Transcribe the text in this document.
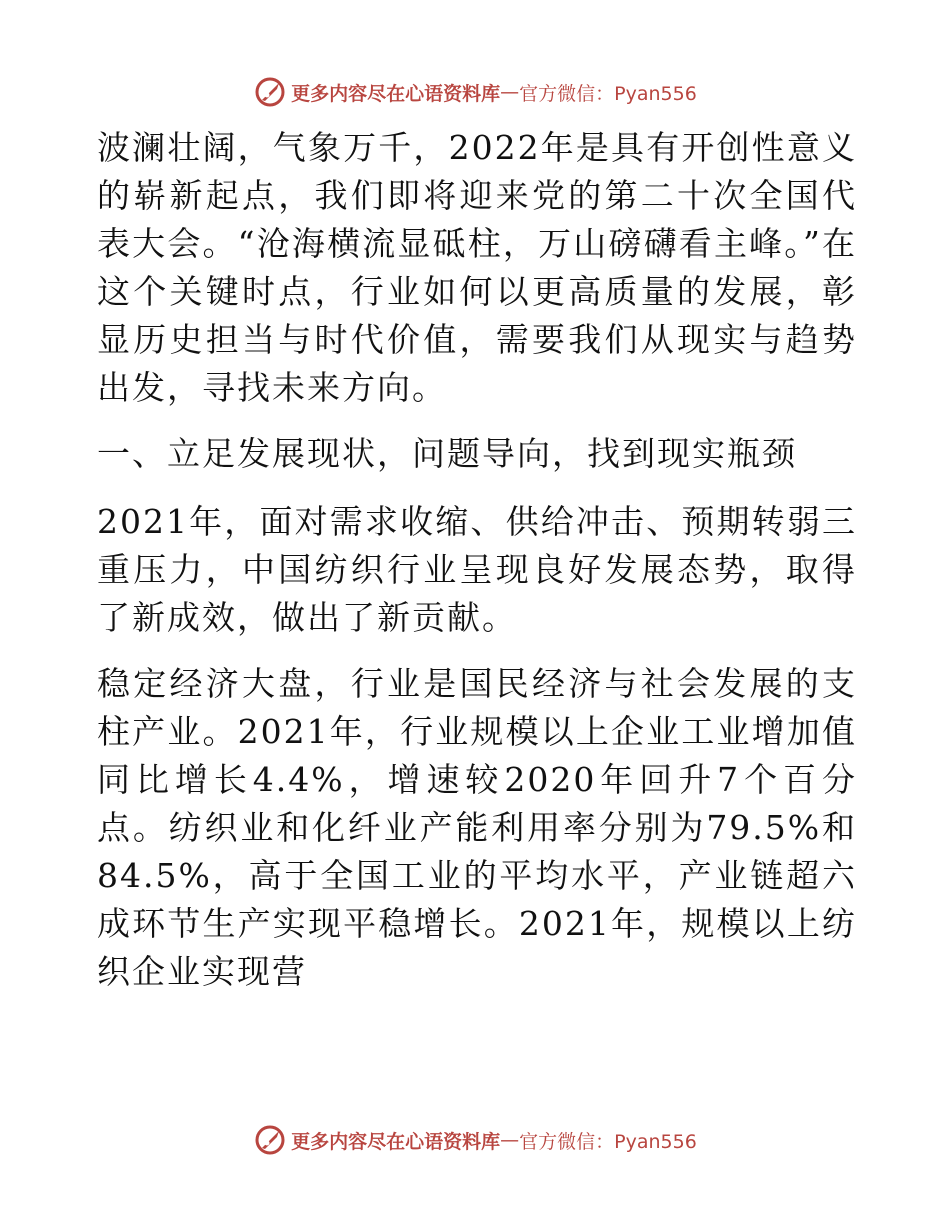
更多内容尽在心语资料库 — 官方微信：Pyan556

波澜壮阔，气象万千，2022年是具有开创性意义的崭新起点，我们即将迎来党的第二十次全国代表大会。“沧海横流显砥柱，万山磅礴看主峰。”在这个关键时点，行业如何以更高质量的发展，彰显历史担当与时代价值，需要我们从现实与趋势出发，寻找未来方向。

一、立足发展现状，问题导向，找到现实瓶颈

2021年，面对需求收缩、供给冲击、预期转弱三重压力，中国纺织行业呈现良好发展态势，取得了新成效，做出了新贡献。

稳定经济大盘，行业是国民经济与社会发展的支柱产业。2021年，行业规模以上企业工业增加值同比增长4.4%，增速较2020年回升7个百分点。纺织业和化纤业产能利用率分别为79.5%和84.5%，高于全国工业的平均水平，产业链超六成环节生产实现平稳增长。2021年，规模以上纺织企业实现营

更多内容尽在心语资料库 — 官方微信：Pyan556
